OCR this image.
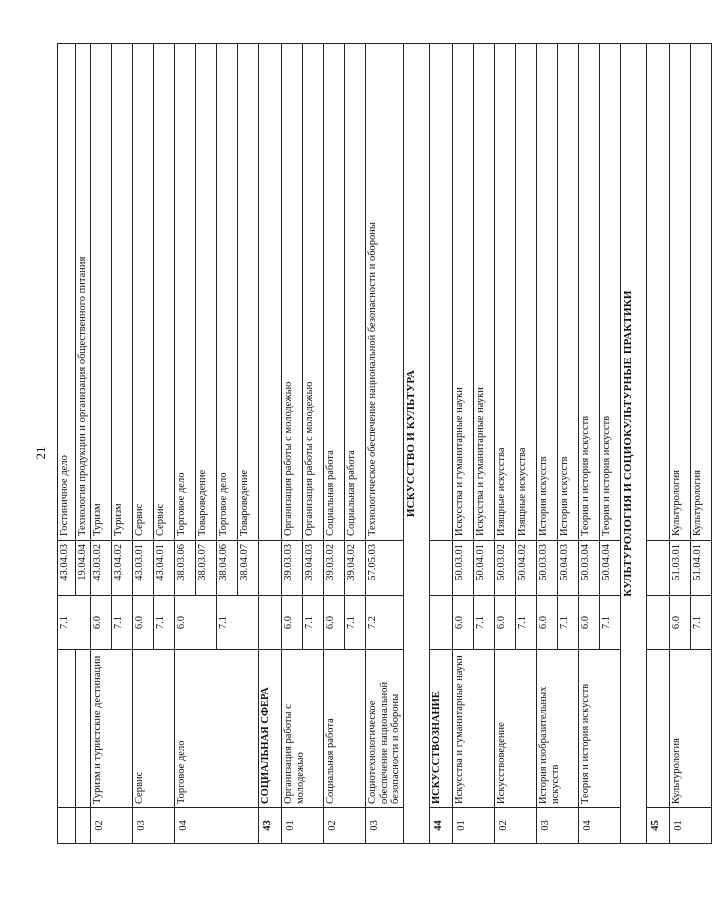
21
		7.1	43.04.03	Гостиничное дело
			19.04.04	Технология продукции и организация общественного питания
02	Туризм и туристские дестинации	6.0	43.03.02	Туризм
		7.1	43.04.02	Туризм
03	Сервис	6.0	43.03.01	Сервис
		7.1	43.04.01	Сервис
04	Торговое дело	6.0	38.03.06	Торговое дело
			38.03.07	Товароведение
		7.1	38.04.06	Торговое дело
			38.04.07	Товароведение
43	СОЦИАЛЬНАЯ СФЕРА			
01	Организация работы с молодежью	6.0	39.03.03	Организация работы с молодежью
		7.1	39.04.03	Организация работы с молодежью
02	Социальная работа	6.0	39.03.02	Социальная работа
		7.1	39.04.02	Социальная работа
03	Социотехнологическое обеспечение национальной безопасности и обороны	7.2	57.05.03	Технологическое обеспечение национальной безопасности и обороны
ИСКУССТВО И КУЛЬТУРА				
44	ИСКУССТВОЗНАНИЕ			
01	Искусства и гуманитарные науки	6.0	50.03.01	Искусства и гуманитарные науки
		7.1	50.04.01	Искусства и гуманитарные науки
02	Искусствоведение	6.0	50.03.02	Изящные искусства
		7.1	50.04.02	Изящные искусства
03	История изобразительных искусств	6.0	50.03.03	История искусств
		7.1	50.04.03	История искусств
04	Теория и история искусств	6.0	50.03.04	Теория и история искусств
		7.1	50.04.04	Теория и история искусств
КУЛЬТУРОЛОГИЯ И СОЦИОКУЛЬТУРНЫЕ ПРАКТИКИ				
45				
01	Культурология	6.0	51.03.01	Культурология
		7.1	51.04.01	Культурология
